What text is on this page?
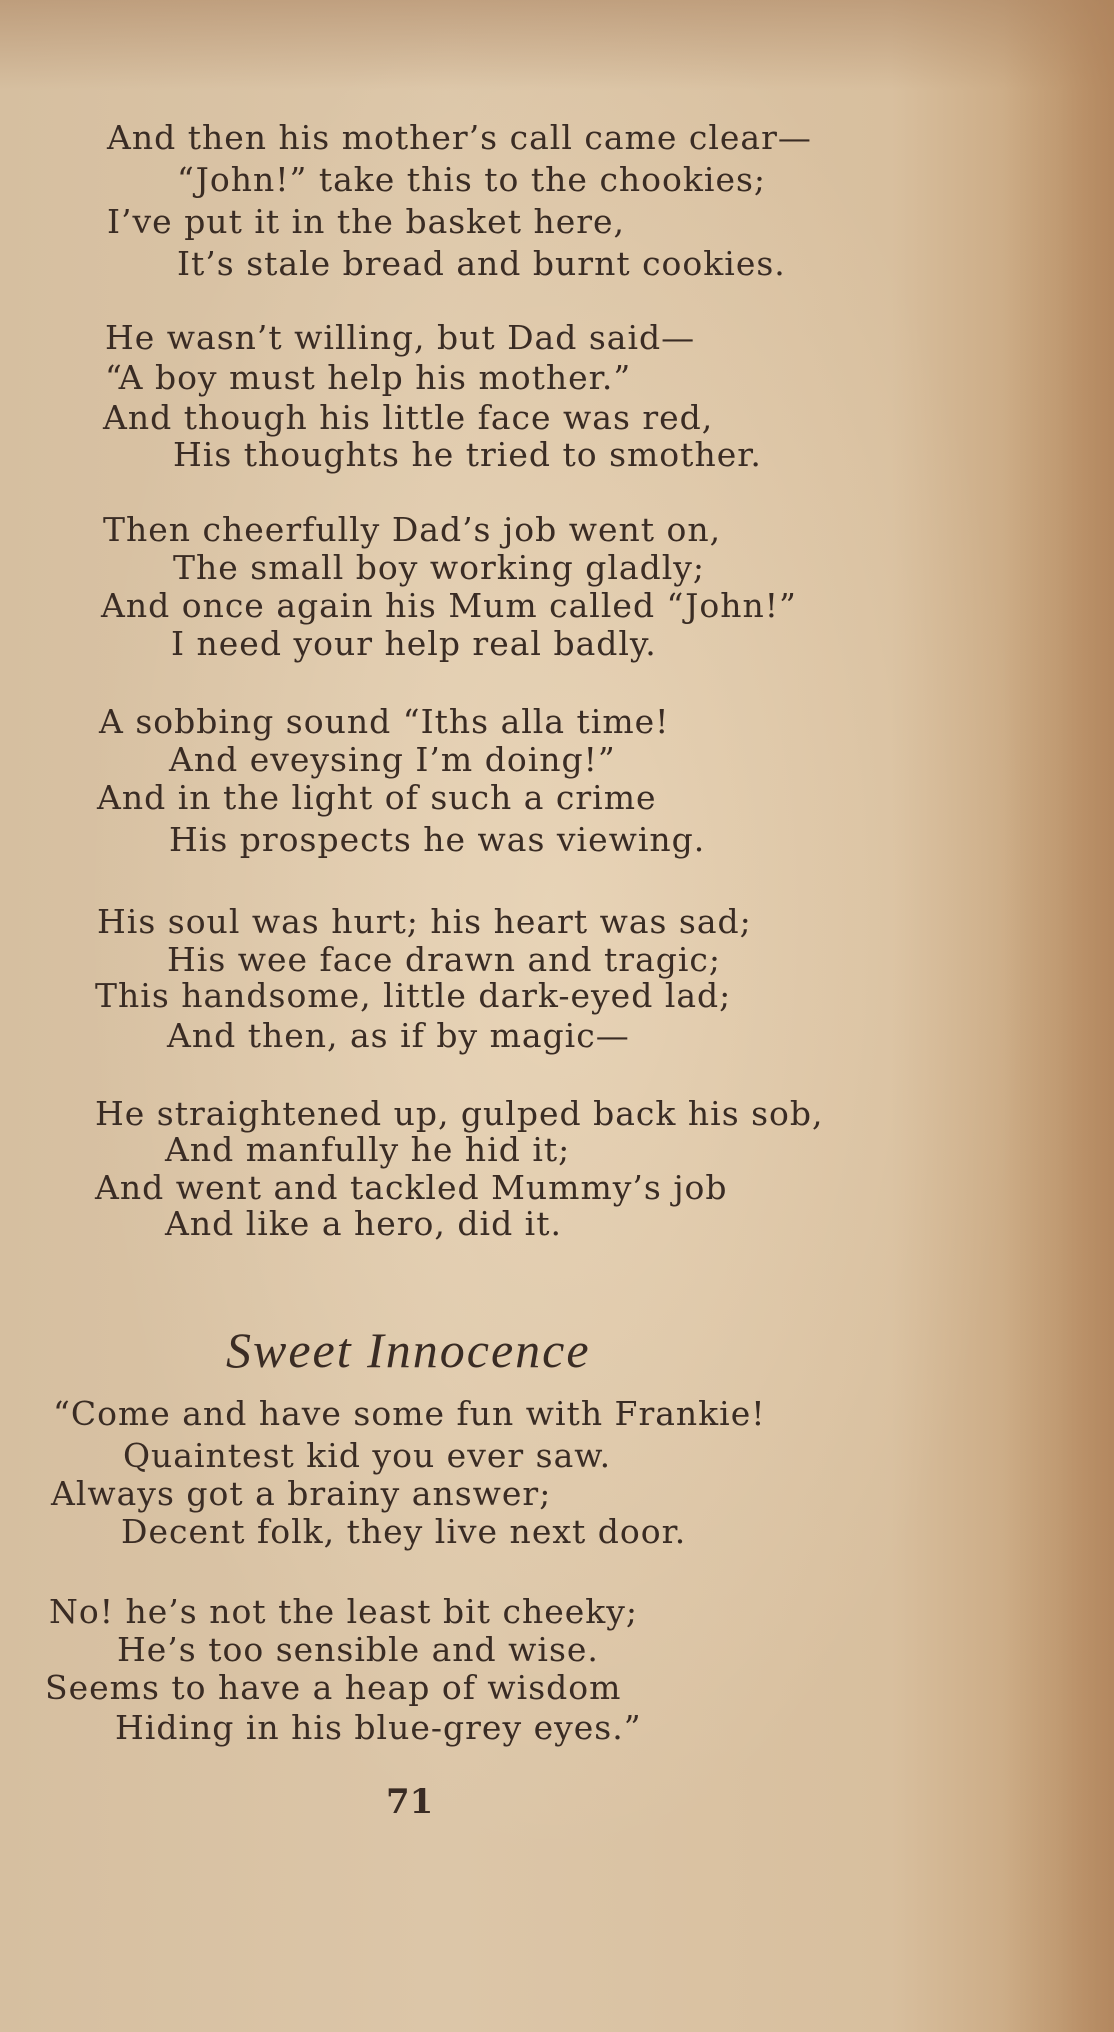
And then his mother’s call came clear—
“John!” take this to the chookies;
I’ve put it in the basket here,
It’s stale bread and burnt cookies.
He wasn’t willing, but Dad said—
“A boy must help his mother.”
And though his little face was red,
His thoughts he tried to smother.
Then cheerfully Dad’s job went on,
The small boy working gladly;
And once again his Mum called “John!”
I need your help real badly.
A sobbing sound “Iths alla time!
And eveysing I’m doing!”
And in the light of such a crime
His prospects he was viewing.
His soul was hurt; his heart was sad;
His wee face drawn and tragic;
This handsome, little dark-eyed lad;
And then, as if by magic—
He straightened up, gulped back his sob,
And manfully he hid it;
And went and tackled Mummy’s job
And like a hero, did it.
Sweet Innocence
“Come and have some fun with Frankie!
Quaintest kid you ever saw.
Always got a brainy answer;
Decent folk, they live next door.
No! he’s not the least bit cheeky;
He’s too sensible and wise.
Seems to have a heap of wisdom
Hiding in his blue-grey eyes.”
71
